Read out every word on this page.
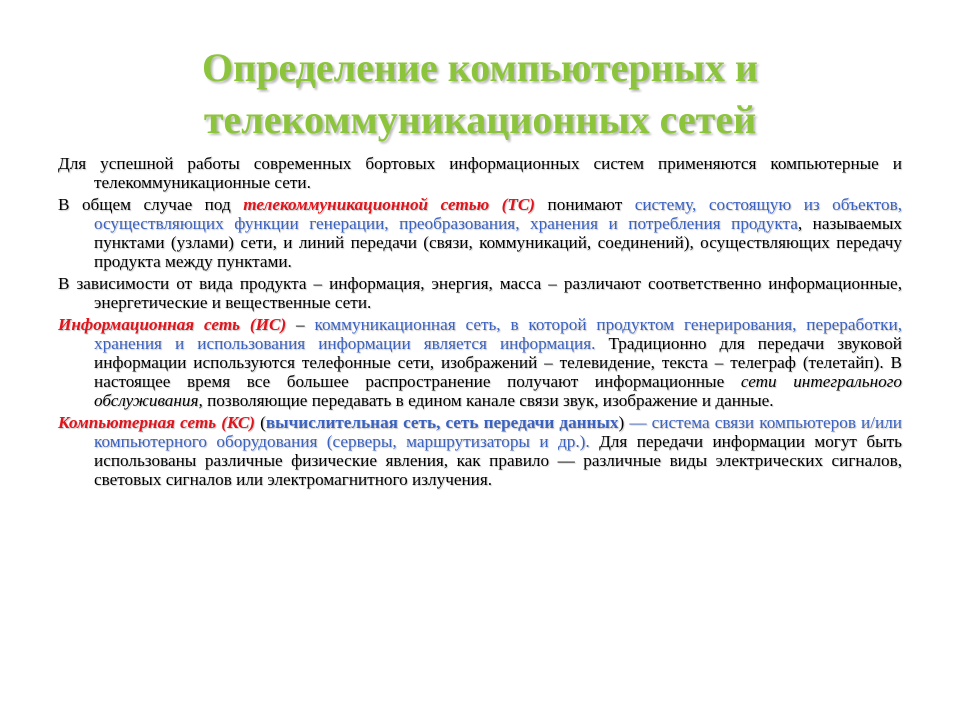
Определение компьютерных и
телекоммуникационных сетей

Для успешной работы современных бортовых информационных систем применяются компьютерные и телекоммуникационные сети.

В общем случае под телекоммуникационной сетью (ТС) понимают систему, состоящую из объектов, осуществляющих функции генерации, преобразования, хранения и потребления продукта, называемых пунктами (узлами) сети, и линий передачи (связи, коммуникаций, соединений), осуществляющих передачу продукта между пунктами.

В зависимости от вида продукта – информация, энергия, масса – различают соответственно информационные, энергетические и вещественные сети.

Информационная сеть (ИС) – коммуникационная сеть, в которой продуктом генерирования, переработки, хранения и использования информации является информация. Традиционно для передачи звуковой информации используются телефонные сети, изображений – телевидение, текста – телеграф (телетайп). В настоящее время все большее распространение получают информационные сети интегрального обслуживания, позволяющие передавать в едином канале связи звук, изображение и данные.

Компьютерная сеть (КС) (вычислительная сеть, сеть передачи данных) — система связи компьютеров и/или компьютерного оборудования (серверы, маршрутизаторы и др.). Для передачи информации могут быть использованы различные физические явления, как правило — различные виды электрических сигналов, световых сигналов или электромагнитного излучения.
